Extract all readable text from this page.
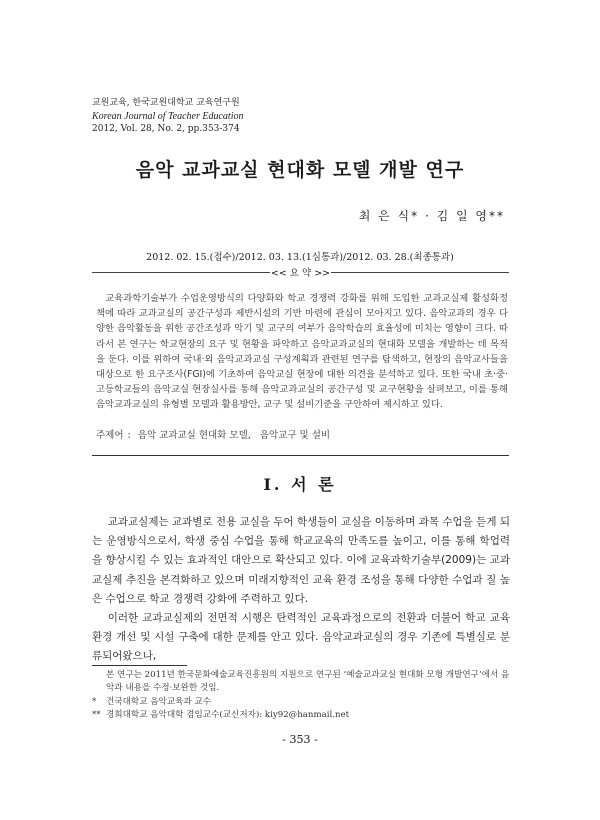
교원교육, 한국교원대학교 교육연구원
Korean Journal of Teacher Education
2012, Vol. 28, No. 2, pp.353-374
음악 교과교실 현대화 모델 개발 연구
최 은 식* · 김 일 영**
2012. 02. 15.(접수)/2012. 03. 13.(1심통과)/2012. 03. 28.(최종통과)
<< 요 약 >>
교육과학기술부가 수업운영방식의 다양화와 학교 경쟁력 강화를 위해 도입한 교과교실제 활성화정책에 따라 교과교실의 공간구성과 제반시설의 기반 마련에 관심이 모아지고 있다. 음악교과의 경우 다양한 음악활동을 위한 공간조성과 악기 및 교구의 여부가 음악학습의 효율성에 미치는 영향이 크다. 따라서 본 연구는 학교현장의 요구 및 현황을 파악하고 음악교과교실의 현대화 모델을 개발하는 데 목적을 둔다. 이를 위하여 국내·외 음악교과교실 구성계획과 관련된 연구를 탐색하고, 현장의 음악교사들을 대상으로 한 요구조사(FGI)에 기초하여 음악교실 현장에 대한 의견을 분석하고 있다. 또한 국내 초·중·고등학교들의 음악교실 현장실사를 통해 음악교과교실의 공간구성 및 교구현황을 살펴보고, 이를 통해 음악교과교실의 유형별 모델과 활용방안, 교구 및 설비기준을 구안하여 제시하고 있다.
주제어 : 음악 교과교실 현대화 모델, 음악교구 및 설비
Ⅰ. 서 론

교과교실제는 교과별로 전용 교실을 두어 학생들이 교실을 이동하며 과목 수업을 듣게 되는 운영방식으로서, 학생 중심 수업을 통해 학교교육의 만족도를 높이고, 이를 통해 학업력을 향상시킬 수 있는 효과적인 대안으로 확산되고 있다. 이에 교육과학기술부(2009)는 교과교실제 추진을 본격화하고 있으며 미래지향적인 교육 환경 조성을 통해 다양한 수업과 질 높은 수업으로 학교 경쟁력 강화에 주력하고 있다.

이러한 교과교실제의 전면적 시행은 탄력적인 교육과정으로의 전환과 더불어 학교 교육 환경 개선 및 시설 구축에 대한 문제를 안고 있다. 음악교과교실의 경우 기존에 특별실로 분류되어왔으나,

본 연구는 2011년 한국문화예술교육진흥원의 지원으로 연구된 ‘예술교과교실 현대화 모형 개발연구’에서 음악과 내용을 수정·보완한 것임.
*	건국대학교 음악교육과 교수
** 경희대학교 음악대학 겸임교수(교신저자): kiy92@hanmail.net
- 353 -
